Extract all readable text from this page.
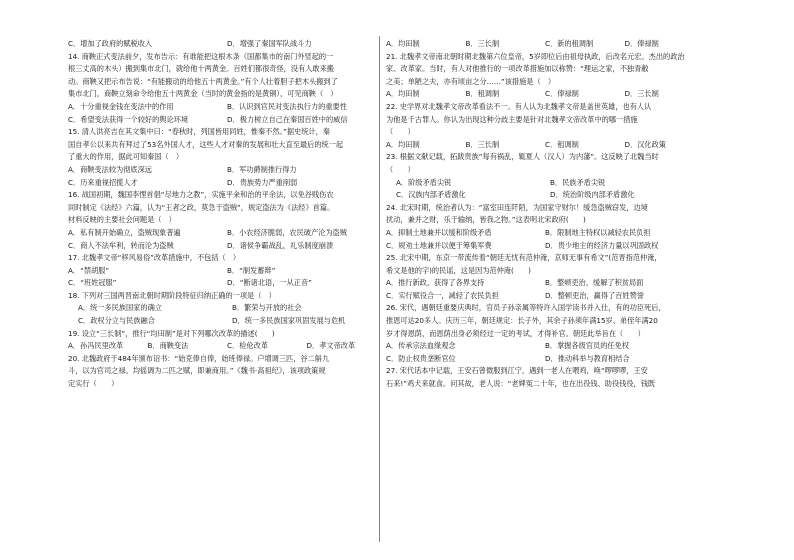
C．增加了政府的赋税收入	D．增强了秦国军队战斗力
14. 商鞅正式变法前夕，发布告示：有谁能把这根木条（国都集市的南门外竖起的一
根三丈高的木头）搬到集市北门，就给他十两黄金。百姓们都很奇怪，没有人敢来搬
动。商鞅又把示布告说：“有能搬动的给他五十两黄金。”有个人壮着胆子把木头搬到了
集市北门，商鞅立刻命令给他五十两黄金（当时的黄金指的是黄铜），可见商鞅（　）
A．十分重视金钱在变法中的作用	B．认识到官民对变法执行力的重要性
C．希望变法获得一个较好的舆论环境	D．极力树立自己在秦国百姓中的威信
15. 清人洪亮吉在其文集中曰：“春秋时，列国皆用同姓，惟秦不然。”据史统计，秦
国自孝公以来共有拜过了53名外国人才，这些人才对秦的发展和壮大直至最后的统一起
了重大的作用，据此可知秦国（　）
A．商鞅变法较为彻底深远	B．军功爵制推行得力
C．历来重视招揽人才	D．贵族势力严重削弱
16. 战国初期，魏国李悝首倡“尽地力之教”，实施平籴和治的平余法，以免谷贱伤农
同时制定《法经》六篇，认为“王者之政，莫急于盗贼”，规定盗法为《法经》首篇。
材料反映的主要社会问题是（　）
A．私有制开始确立，盗贼现象普遍	B．小农经济脆弱，农民破产沦为盗贼
C．商人不法牟利，转而沦为盗贼	D．诸侯争霸战乱，礼乐制度崩溃
17. 北魏孝文帝“移风易俗”改革措施中，不包括（　）
A．“禁胡服”	B．“制发蓄辫”
C．“班姓冠服”	D．“断诸北语，一从正音”
18. 下列对三国两晋南北朝时期阶段特征归纳正确的一项是（　）
A．统一多民族国家的确立	B．繁荣与开放的社会
C．政权分立与民族融合	D．统一多民族国家巩固发展与危机
19. 设立“三长制”，推行“均田制”是对下列哪次改革的描述(　　)
A．孙冯民里改革	B．商鞅变法	C．检伦改革	D．孝文帝改革
20. 北魏政府于484年颁布诏书：“始克俸自俸，始班俸禄。户增调三匹，谷二斛九
斗，以为官司之禄。均徭调为二匹之赋，即兼商用。”《魏书·高祖纪》，该项政策规
定实行（　　）
A．均田制	B．三长制	C．新的租调制	D．俸禄制
21. 北魏孝文帝南北朝时期北魏第六位皇帝，5岁即位后由祖母执政，后改名元宏。杰出的政治
家、改革家。当时，有人对他推行的一项改革措施加以称赞：“理运之家，不独青敝
之美；单陋之夫，亦有顷亩之分……”该措施是（　）
A．均田制	B．租调制	C．俸禄制	D．三长制
22. 史学界对北魏孝文帝改革看法不一。有人认为北魏孝文帝是盖世英雄，也有人认
为他是千古罪人。你认为出现这种分歧主要是针对北魏孝文帝改革中的哪一措施
（　　）
A．均田制	B．三长制	C．租调制	D．汉化政策
23. 根据文献记载，拓跋贵族“每有祸乱，辄夏人（汉人）为内藩”。这反映了北魏当时
（　　）
A．阶级矛盾尖锐	B．民族矛盾尖锐
C．汉族内部矛盾激化	D．统治阶级内部矛盾激化
24. 北宋时期，统治者认为：“富室田连阡陌，为国家守财尔！缓急盗贼窃发，边境
扰动，兼并之财，乐于输纳，皆我之物。”这表明北宋政府(　　)
A．抑制土地兼并以缓和阶级矛盾	B．限制地主特权以减轻农民负担
C．规劝土地兼并以便于筹集军费	D．贵少地主的经济力量以巩固政权
25. 北宋中期，东京一带流传着“朝廷无忧有范仲淹，京师无事有希文”(范晋指范仲淹，
希文是他的字)的民谣，这是因为范仲淹(　　)
A．推行新政，获得了各界支持	B．整顿吏治，缓解了积贫局面
C．实行赋役合一，减轻了农民负担	D．整顿吏治，赢得了百姓赞誉
26. 宋代，遇朝廷重要庆典时，官员子孙亲属等特许入国学读书并入仕，有的功臣死后，
推恩可达20多人。庆历三年，朝廷规定：长子外，其余子孙须年满15岁、弟侄年满20
岁才得恩荫，而恩荫出身必须经过一定的考试，才得补官。朝廷此举旨在（　　）
A．传承宗法血缘观念	B．掌握各级官员的任免权
C．防止权贵垄断官位	D．推动科举与教育相结合
27. 宋代话本中记载，王安石曾微服到江宁，遇到一老人在喂鸡，唤“啰啰啰，王安
石来!”鸡犬来就食。问其故，老人说：“老婢冤二十年，也在出役钱、助役钱役，钱既
